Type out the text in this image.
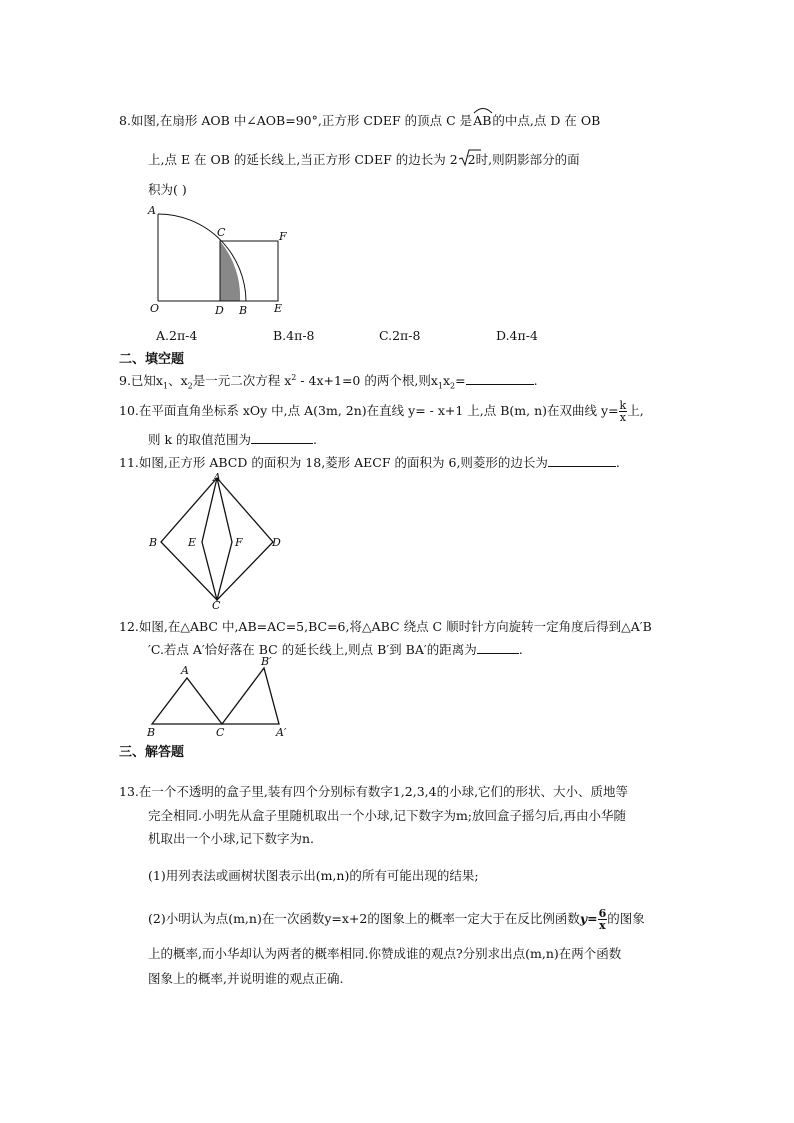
8.如图,在扇形 AOB 中∠AOB=90°,正方形 CDEF 的顶点 C 是
AB的中点,点 D 在 OB
上,点 E 在 OB 的延长线上,当正方形 CDEF 的边长为 2 2时,则阴影部分的面
积为( )
A
C	F
O	D B E
A.2π-4	B.4π-8	C.2π-8	D.4π-4
二、填空题
9.已知$x_1$、$x_2$是一元二次方程 $x^2 - 4x+1=0$ 的两个根,则$x_1x_2=$	.
10.在平面直角坐标系 xOy 中,点 A(3m, 2n)在直线 y= - x+1 上,点 B(m, n)在双曲线 $y= \frac{k}{x}$ 上,
则 k 的取值范围为	.
11.如图,正方形 ABCD 的面积为 18,菱形 AECF 的面积为 6,则菱形的边长为	.
A
B	E	F	D
C
12.如图,在△ABC 中,AB=AC=5,BC=6,将△ABC 绕点 C 顺时针方向旋转一定角度后得到△A′B
′C.若点 A′恰好落在 BC 的延长线上,则点 B′到 BA′的距离为	.
A
B	C
B′
A′
三、解答题
13.在一个不透明的盒子里,装有四个分别标有数字1,2,3,4的小球,它们的形状、大小、质地等
完全相同.小明先从盒子里随机取出一个小球,记下数字为m;放回盒子摇匀后,再由小华随
机取出一个小球,记下数字为n.
(1)用列表法或画树状图表示出(m,n)的所有可能出现的结果;
(2)小明认为点(m,n)在一次函数y=x+2的图象上的概率一定大于在反比例函数$y= \frac{6}{x}$ 的图象
上的概率,而小华却认为两者的概率相同.你赞成谁的观点?分别求出点(m,n)在两个函数
图象上的概率,并说明谁的观点正确.
